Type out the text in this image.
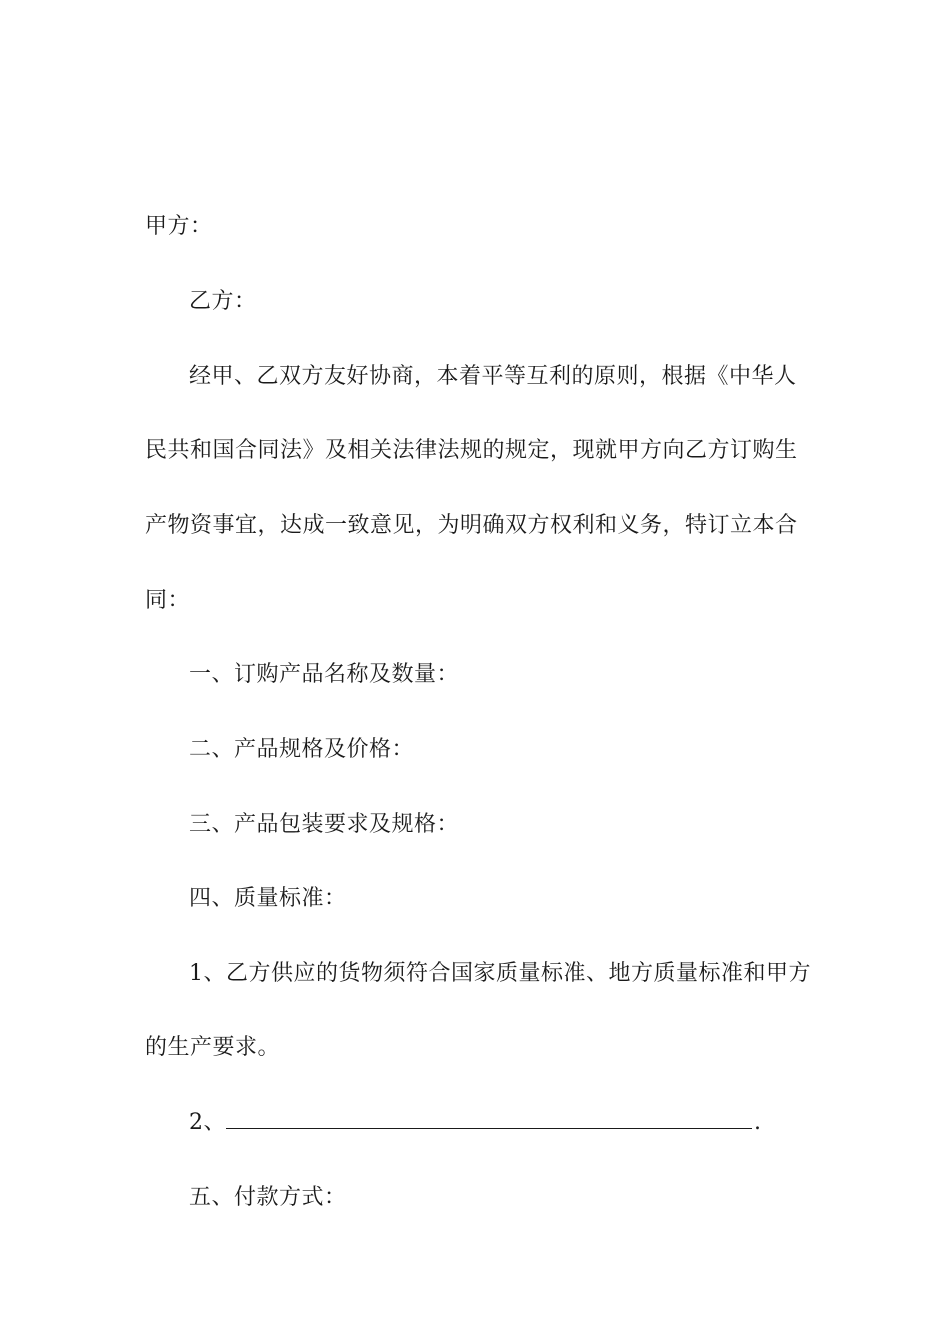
甲方：
乙方：
经甲、乙双方友好协商，本着平等互利的原则，根据《中华人
民共和国合同法》及相关法律法规的规定，现就甲方向乙方订购生
产物资事宜，达成一致意见，为明确双方权利和义务，特订立本合
同：
一、订购产品名称及数量：
二、产品规格及价格：
三、产品包装要求及规格：
四、质量标准：
1、乙方供应的货物须符合国家质量标准、地方质量标准和甲方
的生产要求。
2、	.
五、付款方式：
